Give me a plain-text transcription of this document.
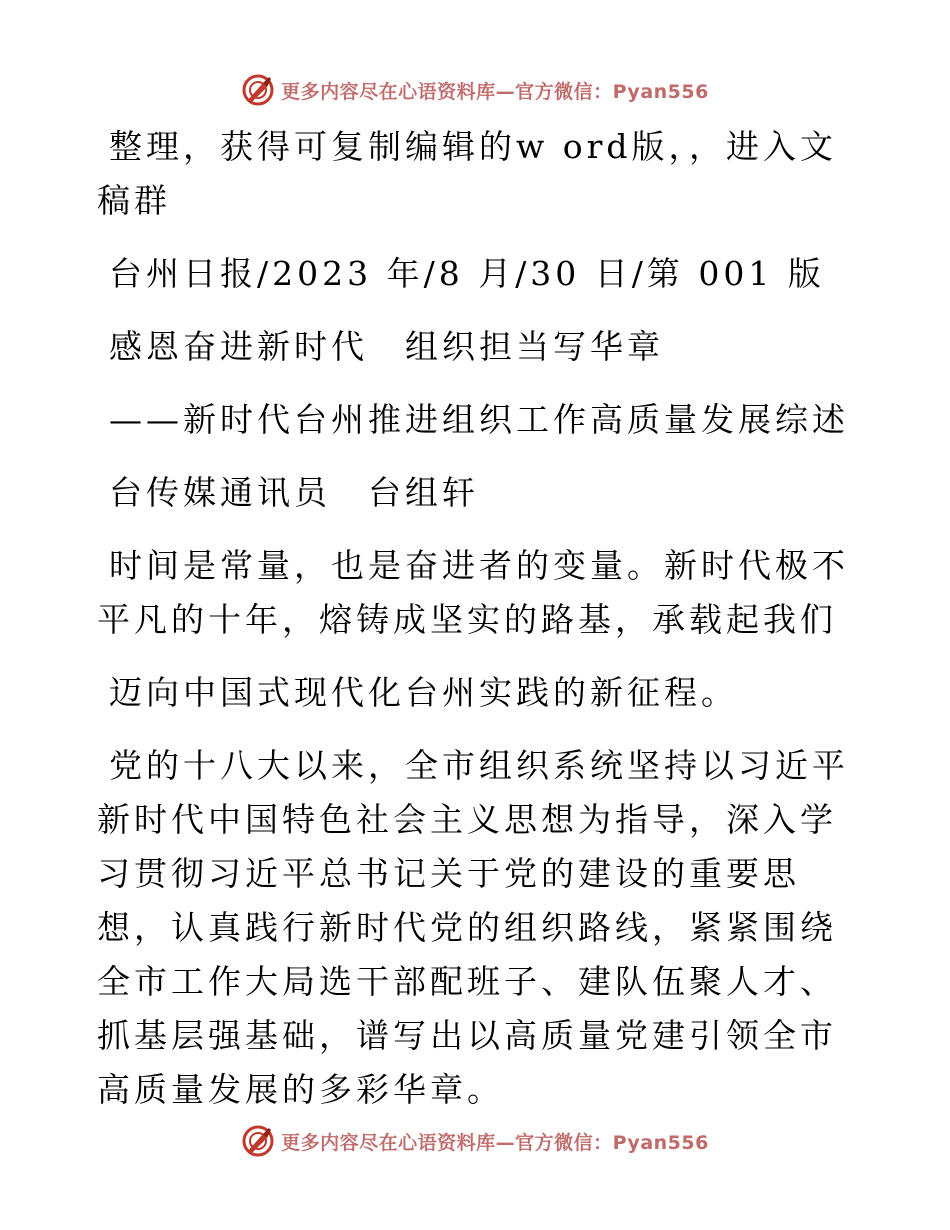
更多内容尽在心语资料库—官方微信：Pyan556

整理，获得可复制编辑的w ord版，，进入文稿群

台州日报/2023 年/8 月/30 日/第 001 版

感恩奋进新时代　组织担当写华章

——新时代台州推进组织工作高质量发展综述

台传媒通讯员　台组轩

时间是常量，也是奋进者的变量。新时代极不平凡的十年，熔铸成坚实的路基，承载起我们

迈向中国式现代化台州实践的新征程。

党的十八大以来，全市组织系统坚持以习近平新时代中国特色社会主义思想为指导，深入学习贯彻习近平总书记关于党的建设的重要思想，认真践行新时代党的组织路线，紧紧围绕全市工作大局选干部配班子、建队伍聚人才、抓基层强基础，谱写出以高质量党建引领全市高质量发展的多彩华章。

更多内容尽在心语资料库—官方微信：Pyan556
